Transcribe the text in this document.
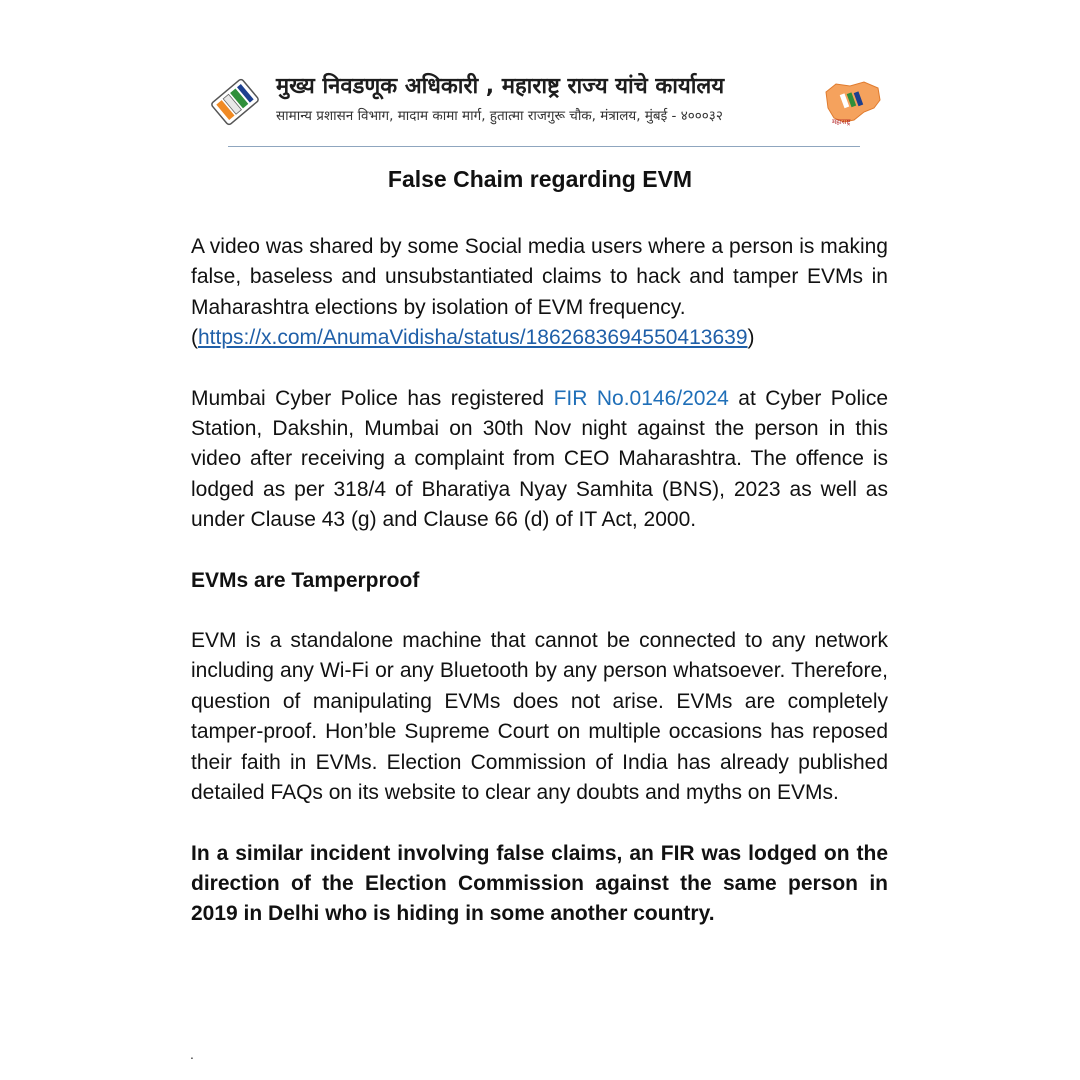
मुख्य निवडणूक अधिकारी , महाराष्ट्र राज्य यांचे कार्यालय
सामान्य प्रशासन विभाग, मादाम कामा मार्ग, हुतात्मा राजगुरू चौक, मंत्रालय, मुंबई - ४०००३२	महाराष्ट्र
False Chaim regarding EVM

A video was shared by some Social media users where a person is making false, baseless and unsubstantiated claims to hack and tamper EVMs in Maharashtra elections by isolation of EVM frequency.
(https://x.com/AnumaVidisha/status/1862683694550413639)

Mumbai Cyber Police has registered FIR No.0146/2024 at Cyber Police Station, Dakshin, Mumbai on 30th Nov night against the person in this video after receiving a complaint from CEO Maharashtra. The offence is lodged as per 318/4 of Bharatiya Nyay Samhita (BNS), 2023 as well as under Clause 43 (g) and Clause 66 (d) of IT Act, 2000.

EVMs are Tamperproof

EVM is a standalone machine that cannot be connected to any network including any Wi-Fi or any Bluetooth by any person whatsoever. Therefore, question of manipulating EVMs does not arise. EVMs are completely tamper-proof. Hon’ble Supreme Court on multiple occasions has reposed their faith in EVMs. Election Commission of India has already published detailed FAQs on its website to clear any doubts and myths on EVMs.

In a similar incident involving false claims, an FIR was lodged on the direction of the Election Commission against the same person in 2019 in Delhi who is hiding in some another country.

.
